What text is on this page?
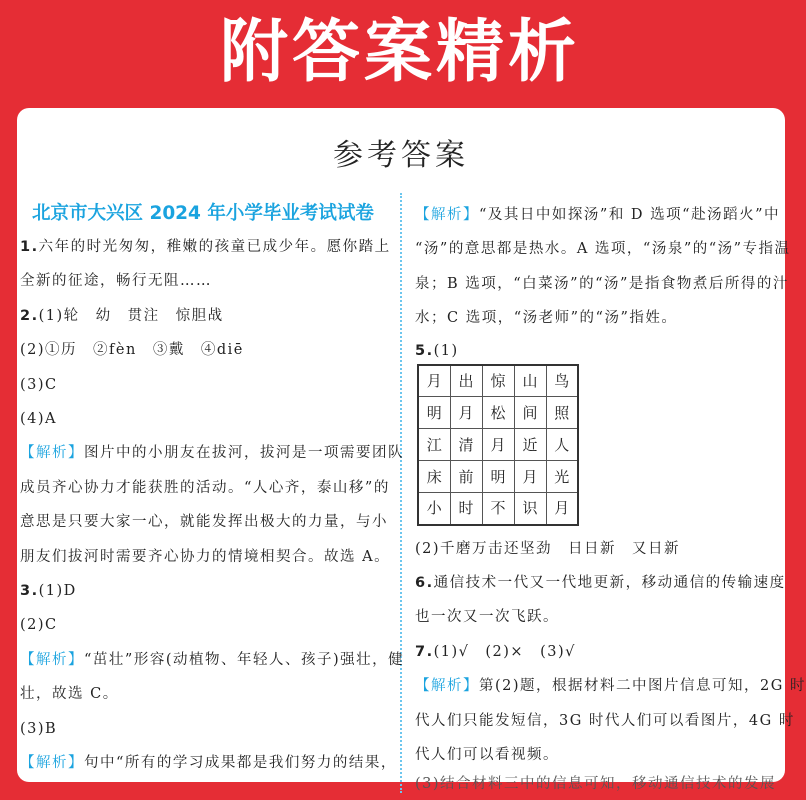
附答案精析
参考答案
北京市大兴区 2024 年小学毕业考试试卷
1.六年的时光匆匆，稚嫩的孩童已成少年。愿你踏上
全新的征途，畅行无阻……
2.(1)轮　幼　贯注　惊胆战
(2)①历　②fèn　③戴　④diē
(3)C
(4)A
【解析】图片中的小朋友在拔河，拔河是一项需要团队
成员齐心协力才能获胜的活动。“人心齐，泰山移”的
意思是只要大家一心，就能发挥出极大的力量，与小
朋友们拔河时需要齐心协力的情境相契合。故选 A。
3.(1)D
(2)C
【解析】“茁壮”形容(动植物、年轻人、孩子)强壮，健
壮，故选 C。
(3)B
【解析】句中“所有的学习成果都是我们努力的结果，
【解析】“及其日中如探汤”和 D 选项“赴汤蹈火”中
“汤”的意思都是热水。A 选项，“汤泉”的“汤”专指温
泉；B 选项，“白菜汤”的“汤”是指食物煮后所得的汁
水；C 选项，“汤老师”的“汤”指姓。
5.(1)
月	出	惊	山	鸟
明	月	松	间	照
江	清	月	近	人
床	前	明	月	光
小	时	不	识	月
(2)千磨万击还坚劲　日日新　又日新
6.通信技术一代又一代地更新，移动通信的传输速度
也一次又一次飞跃。
7.(1)√　(2)×　(3)√
【解析】第(2)题，根据材料二中图片信息可知，2G 时
代人们只能发短信，3G 时代人们可以看图片，4G 时
代人们可以看视频。
(3)结合材料三中的信息可知，移动通信技术的发展
